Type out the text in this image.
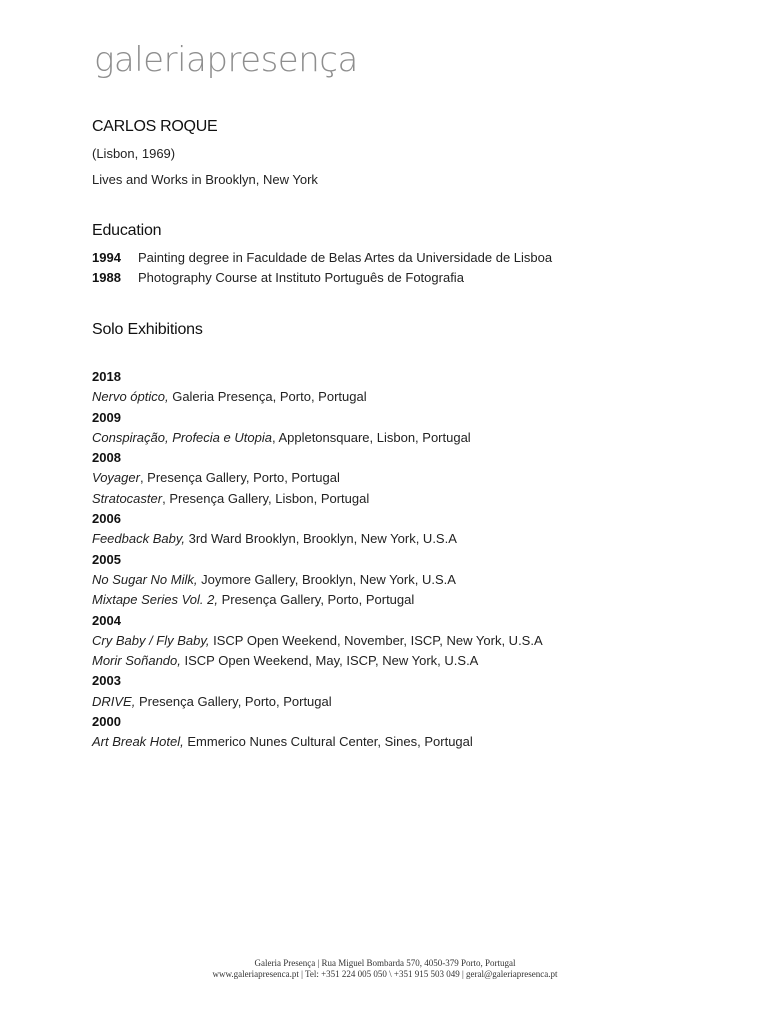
galeriapresença
CARLOS ROQUE
(Lisbon, 1969)
Lives and Works in Brooklyn, New York
Education
1994 Painting degree in Faculdade de Belas Artes da Universidade de Lisboa
1988 Photography Course at Instituto Português de Fotografia
Solo Exhibitions
2018
Nervo óptico, Galeria Presença, Porto, Portugal
2009
Conspiração, Profecia e Utopia, Appletonsquare, Lisbon, Portugal
2008
Voyager, Presença Gallery, Porto, Portugal
Stratocaster, Presença Gallery, Lisbon, Portugal
2006
Feedback Baby, 3rd Ward Brooklyn, Brooklyn, New York, U.S.A
2005
No Sugar No Milk, Joymore Gallery, Brooklyn, New York, U.S.A
Mixtape Series Vol. 2, Presença Gallery, Porto, Portugal
2004
Cry Baby / Fly Baby, ISCP Open Weekend, November, ISCP, New York, U.S.A
Morir Soñando, ISCP Open Weekend, May, ISCP, New York, U.S.A
2003
DRIVE, Presença Gallery, Porto, Portugal
2000
Art Break Hotel, Emmerico Nunes Cultural Center, Sines, Portugal
Galeria Presença | Rua Miguel Bombarda 570, 4050-379 Porto, Portugal
www.galeriapresenca.pt | Tel: +351 224 005 050 \ +351 915 503 049 | geral@galeriapresenca.pt
